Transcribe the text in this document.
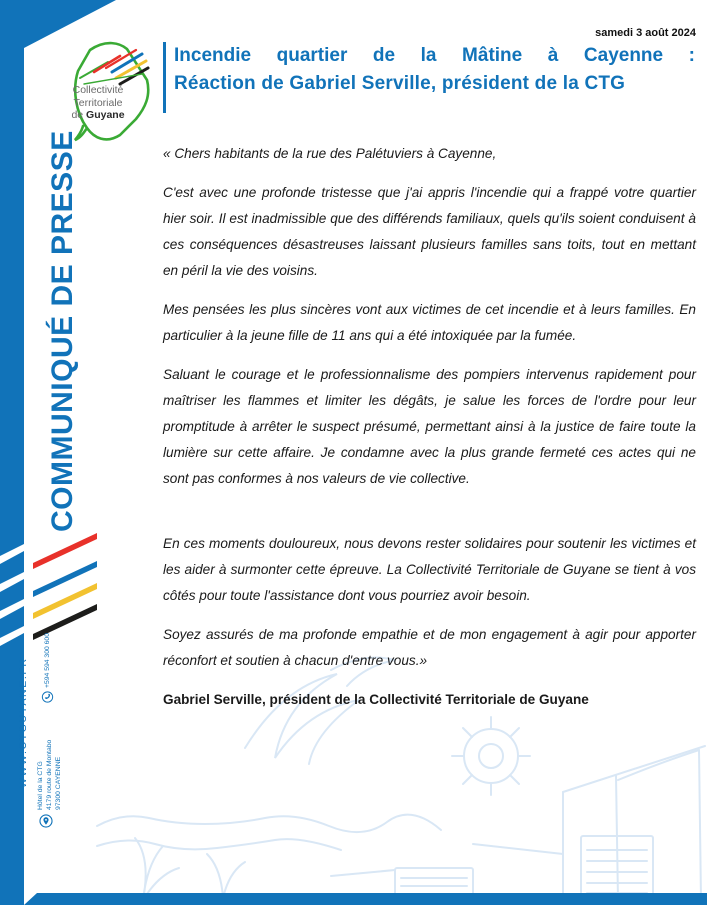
Collectivité
Territoriale
de Guyane
samedi 3 août 2024
Incendie quartier de la Mâtine à Cayenne :
Réaction de Gabriel Serville, président de la CTG
COMMUNIQUÉ DE PRESSE
WWW.CTGUYANE.FR	+594 594 300 600
Hôtel de la CTG 4179 route de Montabo 97300 CAYENNE

« Chers habitants de la rue des Palétuviers à Cayenne,

C'est avec une profonde tristesse que j'ai appris l'incendie qui a frappé votre quartier hier soir. Il est inadmissible que des différends familiaux, quels qu'ils soient conduisent à ces conséquences désastreuses laissant plusieurs familles sans toits, tout en mettant en péril la vie des voisins.

Mes pensées les plus sincères vont aux victimes de cet incendie et à leurs familles. En particulier à la jeune fille de 11 ans qui a été intoxiquée par la fumée.

Saluant le courage et le professionnalisme des pompiers intervenus rapidement pour maîtriser les flammes et limiter les dégâts, je salue les forces de l'ordre pour leur promptitude à arrêter le suspect présumé, permettant ainsi à la justice de faire toute la lumière sur cette affaire. Je condamne avec la plus grande fermeté ces actes qui ne sont pas conformes à nos valeurs de vie collective.

En ces moments douloureux, nous devons rester solidaires pour soutenir les victimes et les aider à surmonter cette épreuve. La Collectivité Territoriale de Guyane se tient à vos côtés pour toute l'assistance dont vous pourriez avoir besoin.

Soyez assurés de ma profonde empathie et de mon engagement à agir pour apporter réconfort et soutien à chacun d'entre vous.»

Gabriel Serville, président de la Collectivité Territoriale de Guyane
